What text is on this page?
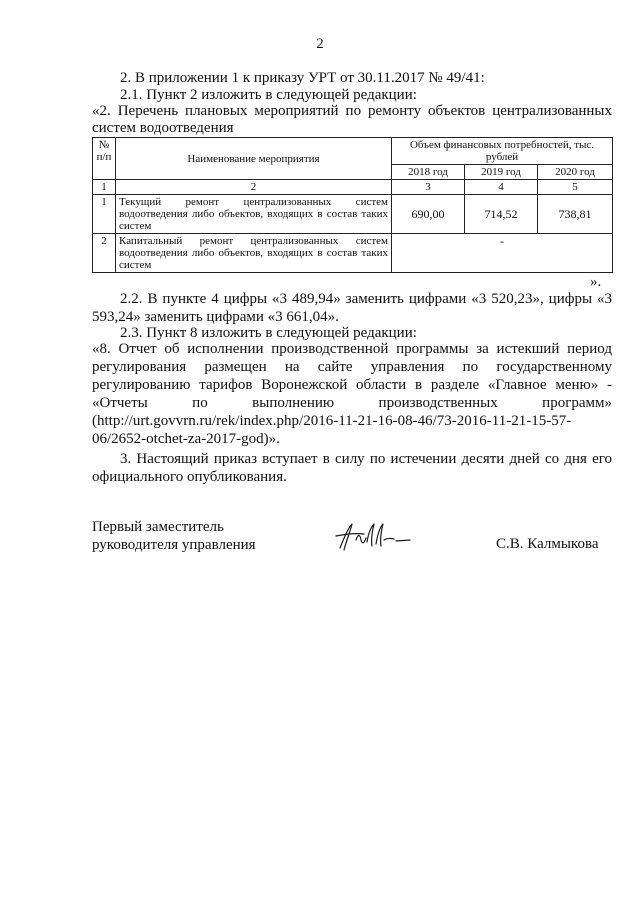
2
2. В приложении 1 к приказу УРТ от 30.11.2017 № 49/41:
2.1. Пункт 2 изложить в следующей редакции:
«2. Перечень плановых мероприятий по ремонту объектов централизованных систем водоотведения
№ п/п	Наименование мероприятия	Объем финансовых потребностей, тыс. рублей		
		2018 год	2019 год	2020 год
1	2	3	4	5
1	Текущий ремонт централизованных систем водоотведения либо объектов, входящих в состав таких систем	690,00	714,52	738,81
2	Капитальный ремонт централизованных систем водоотведения либо объектов, входящих в состав таких систем	-		
».
2.2. В пункте 4 цифры «3 489,94» заменить цифрами «3 520,23», цифры «3 593,24» заменить цифрами «3 661,04».
2.3. Пункт 8 изложить в следующей редакции:
«8. Отчет об исполнении производственной программы за истекший период регулирования размещен на сайте управления по государственному регулированию тарифов Воронежской области в разделе «Главное меню» - «Отчеты по выполнению производственных программ» (http://urt.govvrn.ru/rek/index.php/2016-11-21-16-08-46/73-2016-11-21-15-57-06/2652-otchet-za-2017-god)».
3. Настоящий приказ вступает в силу по истечении десяти дней со дня его официального опубликования.
Первый заместитель
руководителя управления	С.В. Калмыкова
